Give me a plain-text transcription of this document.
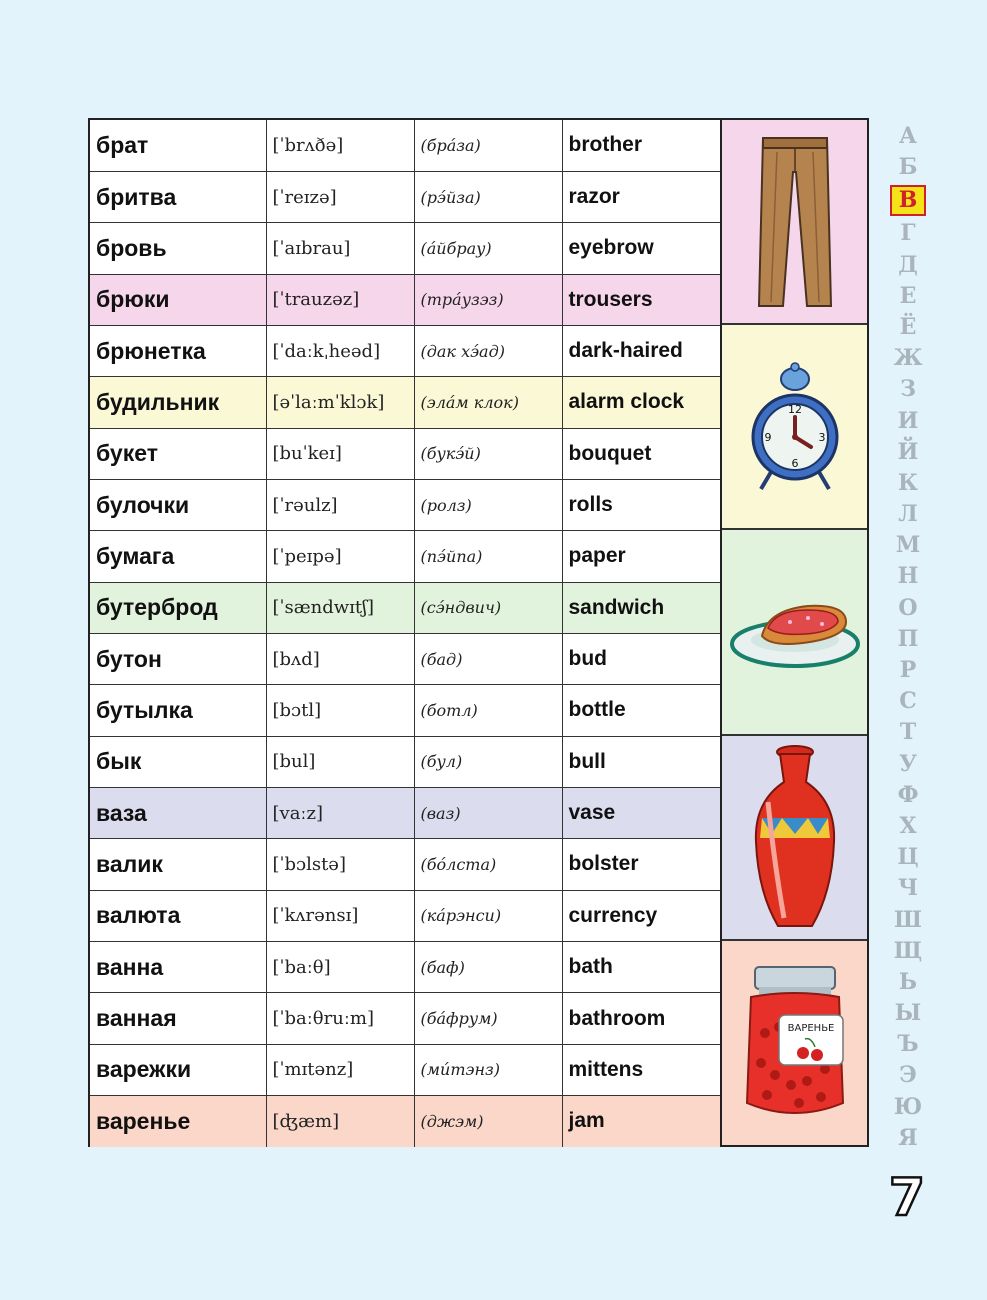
брат	[ˈbrʌðə]	(бра́за)	brother
бритва	[ˈreɪzə]	(рэ́йза)	razor
бровь	[ˈaɪbrau]	(а́йбрау)	eyebrow
брюки	[ˈtrauzəz]	(тра́узэз)	trousers
брюнетка	[ˈdaːkˌheəd]	(дак хэ́ад)	dark-haired
будильник	[əˈlaːmˈklɔk]	(эла́м клок)	alarm clock
букет	[buˈkeɪ]	(букэ́й)	bouquet
булочки	[ˈrəulz]	(ролз)	rolls
бумага	[ˈpeɪpə]	(пэ́йпа)	paper
бутерброд	[ˈsændwɪtʃ]	(сэ́ндвич)	sandwich
бутон	[bʌd]	(бад)	bud
бутылка	[bɔtl]	(ботл)	bottle
бык	[bul]	(бул)	bull
ваза	[vaːz]	(ваз)	vase
валик	[ˈbɔlstə]	(бо́лста)	bolster
валюта	[ˈkʌrənsɪ]	(ка́рэнси)	currency
ванна	[ˈbaːθ]	(баф)	bath
ванная	[ˈbaːθruːm]	(ба́фрум)	bathroom
варежки	[ˈmɪtənz]	(ми́тэнз)	mittens
варенье	[ʤæm]	(джэм)	jam
12
3
6
9
ВАРЕНЬЕ
А
Б
В
Г
Д
Е
Ё
Ж
З
И
Й
К
Л
М
Н
О
П
Р
С
Т
У
Ф
Х
Ц
Ч
Ш
Щ
Ь
Ы
Ъ
Э
Ю
Я
7
